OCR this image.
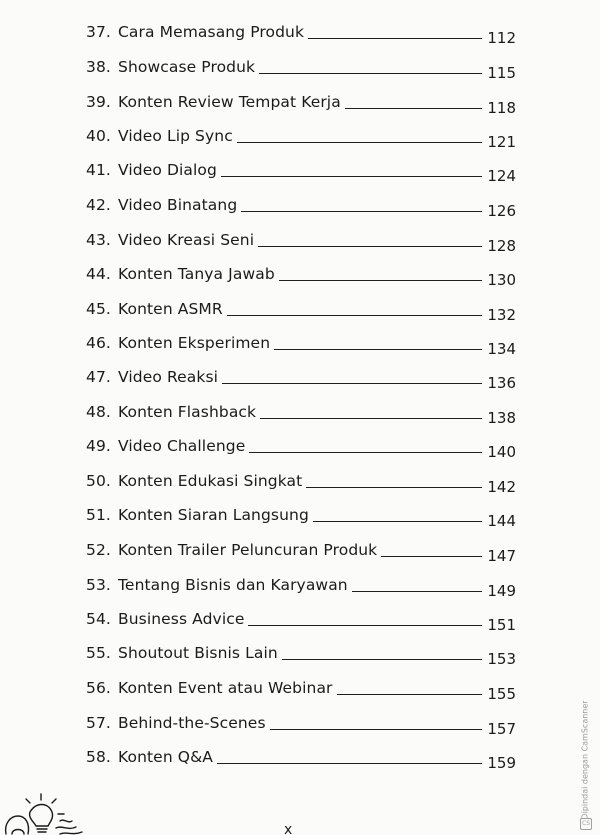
37. Cara Memasang Produk	112
38. Showcase Produk	115
39. Konten Review Tempat Kerja	118
40. Video Lip Sync	121
41. Video Dialog	124
42. Video Binatang	126
43. Video Kreasi Seni	128
44. Konten Tanya Jawab	130
45. Konten ASMR	132
46. Konten Eksperimen	134
47. Video Reaksi	136
48. Konten Flashback	138
49. Video Challenge	140
50. Konten Edukasi Singkat	142
51. Konten Siaran Langsung	144
52. Konten Trailer Peluncuran Produk	147
53. Tentang Bisnis dan Karyawan	149
54. Business Advice	151
55. Shoutout Bisnis Lain	153
56. Konten Event atau Webinar	155
57. Behind-the-Scenes	157
58. Konten Q&A	159	Dipindai dengan CamScanner
CS
x
